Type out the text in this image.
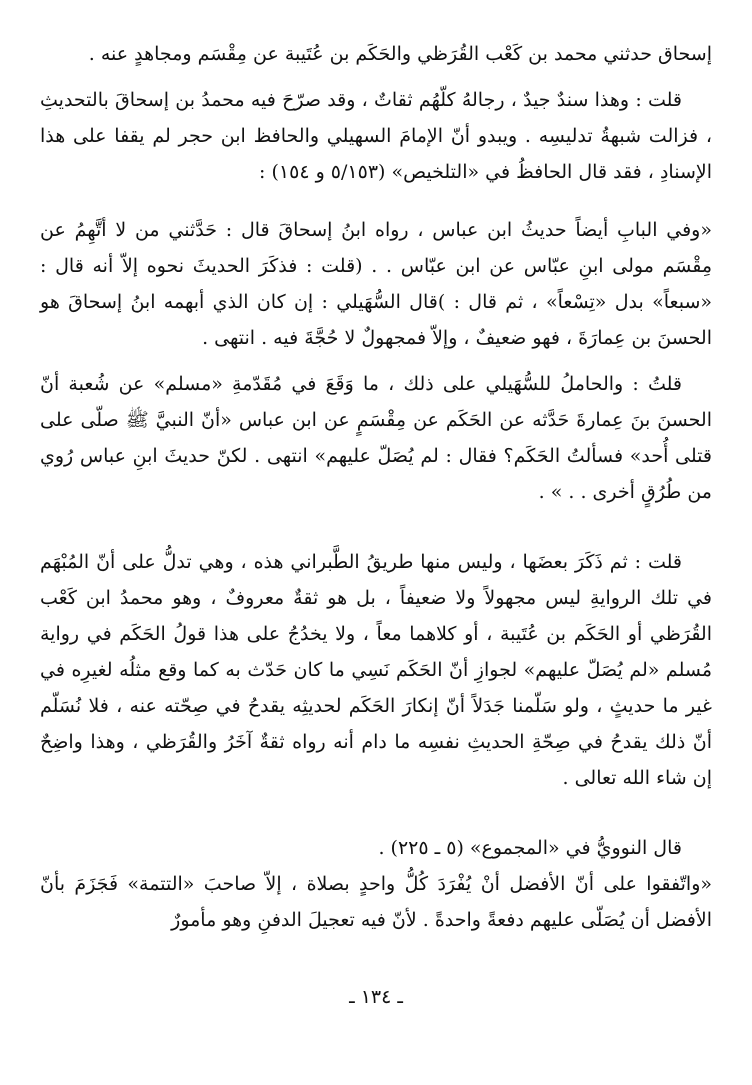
إسحاق حدثني محمد بن كَعْب القُرَظي والحَكَم بن عُتَيبة عن مِقْسَم ومجاهدٍ عنه .

قلت : وهذا سندٌ جيدٌ ، رجالهُ كلّهُم ثقاتٌ ، وقد صرّحَ فيه محمدُ بن إسحاقَ بالتحديثِ ، فزالت شبهةُ تدليسِه . ويبدو أنّ الإمامَ السهيلي والحافظ ابن حجر لم يقفا على هذا الإسنادِ ، فقد قال الحافظُ في «التلخيص» (٥/١٥٣ و ١٥٤) :

«وفي البابِ أيضاً حديثُ ابن عباس ، رواه ابنُ إسحاقَ قال : حَدَّثني من لا أتَّهِمُ عن مِقْسَم مولى ابنِ عبّاس عن ابن عبّاس . . (قلت : فذكَرَ الحديثَ نحوه إلاّ أنه قال : «سبعاً» بدل «تِسْعاً» ، ثم قال : )قال السُّهَيلي : إن كان الذي أبهمه ابنُ إسحاقَ هو الحسنَ بن عِمارَةَ ، فهو ضعيفٌ ، وإلاّ فمجهولٌ لا حُجَّةَ فيه . انتهى .

قلتُ : والحاملُ للسُّهَيلي على ذلك ، ما وَقَعَ في مُقَدّمةِ «مسلم» عن شُعبة أنّ الحسنَ بنَ عِمارةَ حَدَّثه عن الحَكَم عن مِقْسَمٍ عن ابن عباس «أنّ النبيَّ ﷺ صلّى على قتلى أُحد» فسألتُ الحَكَم؟ فقال : لم يُصَلّ عليهم» انتهى . لكنّ حديثَ ابنِ عباس رُوي من طُرُقٍ أخرى . . » .

قلت : ثم ذَكَرَ بعضَها ، وليس منها طريقُ الطَّبراني هذه ، وهي تدلُّ على أنّ المُبْهَم في تلك الروايةِ ليس مجهولاً ولا ضعيفاً ، بل هو ثقةٌ معروفٌ ، وهو محمدُ ابن كَعْب القُرَظي أو الحَكَم بن عُتَيبة ، أو كلاهما معاً ، ولا يخدُجُ على هذا قولُ الحَكَم في رواية مُسلم «لم يُصَلّ عليهم» لجوازِ أنّ الحَكَم نَسِي ما كان حَدّث به كما وقع مثلُه لغيرِه في غير ما حديثٍ ، ولو سَلّمنا جَدَلاً أنّ إنكارَ الحَكَم لحديثِه يقدحُ في صِحّته عنه ، فلا نُسَلّم أنّ ذلك يقدحُ في صِحّةِ الحديثِ نفسِه ما دام أنه رواه ثقةٌ آخَرُ والقُرَظي ، وهذا واضِحٌ إن شاء الله تعالى .

قال النوويُّ في «المجموع» (٥ ـ ٢٢٥) .

«واتّفقوا على أنّ الأفضل أنْ يُفْرَدَ كُلُّ واحدٍ بصلاة ، إلاّ صاحبَ «التتمة» فَجَزَمَ بأنّ الأفضل أن يُصَلّى عليهم دفعةً واحدةً . لأنّ فيه تعجيلَ الدفنِ وهو مأمورٌ

ـ ١٣٤ ـ
